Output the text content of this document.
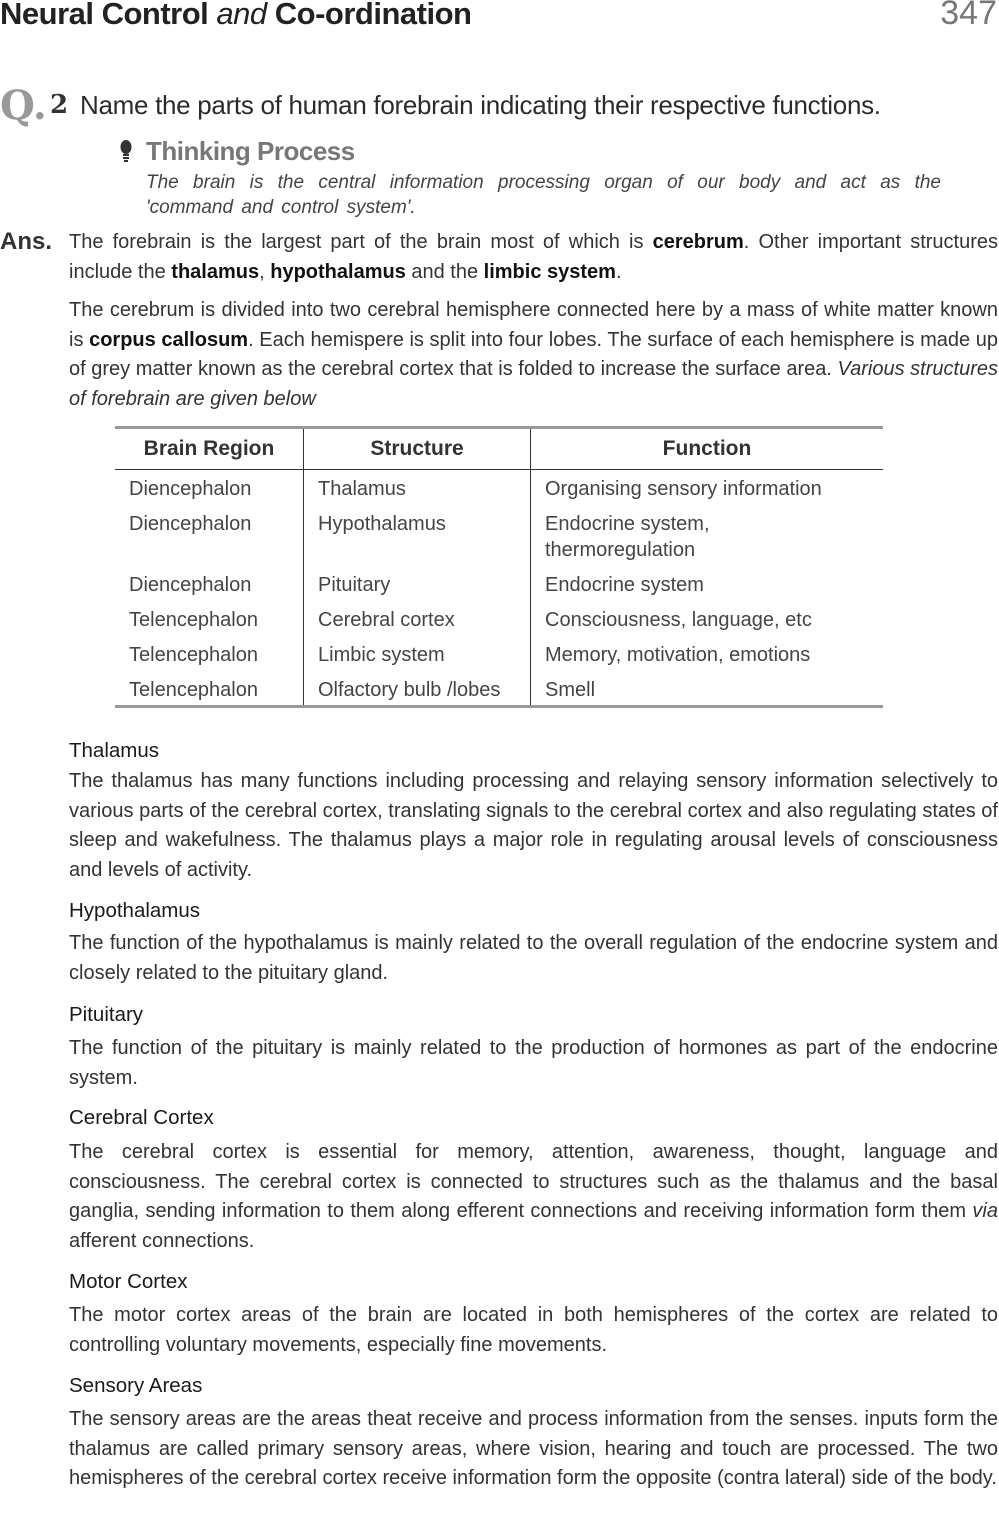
Neural Control and Co-ordination	347
Q. 2 Name the parts of human forebrain indicating their respective functions.
Thinking Process
The brain is the central information processing organ of our body and act as the 'command and control system'.
Ans. The forebrain is the largest part of the brain most of which is cerebrum. Other important structures include the thalamus, hypothalamus and the limbic system.
The cerebrum is divided into two cerebral hemisphere connected here by a mass of white matter known is corpus callosum. Each hemispere is split into four lobes. The surface of each hemisphere is made up of grey matter known as the cerebral cortex that is folded to increase the surface area. Various structures of forebrain are given below
Brain Region	Structure	Function
Diencephalon	Thalamus	Organising sensory information
Diencephalon	Hypothalamus	Endocrine system, thermoregulation
Diencephalon	Pituitary	Endocrine system
Telencephalon	Cerebral cortex	Consciousness, language, etc
Telencephalon	Limbic system	Memory, motivation, emotions
Telencephalon	Olfactory bulb /lobes	Smell
Thalamus
The thalamus has many functions including processing and relaying sensory information selectively to various parts of the cerebral cortex, translating signals to the cerebral cortex and also regulating states of sleep and wakefulness. The thalamus plays a major role in regulating arousal levels of consciousness and levels of activity.
Hypothalamus
The function of the hypothalamus is mainly related to the overall regulation of the endocrine system and closely related to the pituitary gland.
Pituitary
The function of the pituitary is mainly related to the production of hormones as part of the endocrine system.
Cerebral Cortex
The cerebral cortex is essential for memory, attention, awareness, thought, language and consciousness. The cerebral cortex is connected to structures such as the thalamus and the basal ganglia, sending information to them along efferent connections and receiving information form them via afferent connections.
Motor Cortex
The motor cortex areas of the brain are located in both hemispheres of the cortex are related to controlling voluntary movements, especially fine movements.
Sensory Areas
The sensory areas are the areas theat receive and process information from the senses. inputs form the thalamus are called primary sensory areas, where vision, hearing and touch are processed. The two hemispheres of the cerebral cortex receive information form the opposite (contra lateral) side of the body.
